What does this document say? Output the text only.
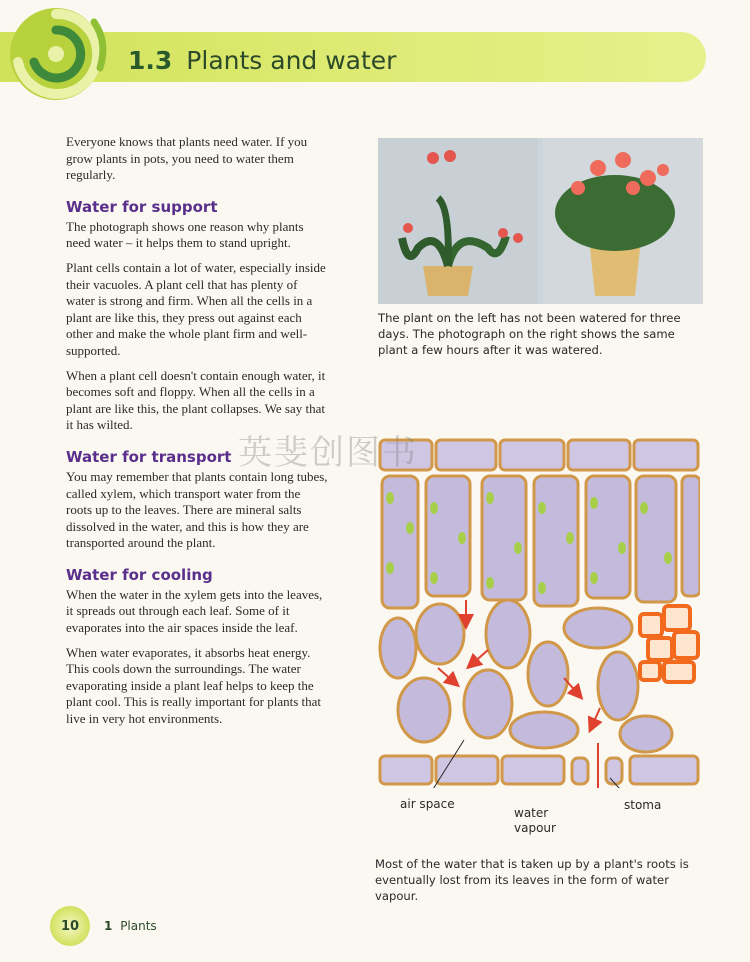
1.3 Plants and water

Everyone knows that plants need water. If you grow plants in pots, you need to water them regularly.

Water for support

The photograph shows one reason why plants need water – it helps them to stand upright.

Plant cells contain a lot of water, especially inside their vacuoles. A plant cell that has plenty of water is strong and firm. When all the cells in a plant are like this, they press out against each other and make the whole plant firm and well-supported.

When a plant cell doesn't contain enough water, it becomes soft and floppy. When all the cells in a plant are like this, the plant collapses. We say that it has wilted.

Water for transport

You may remember that plants contain long tubes, called xylem, which transport water from the roots up to the leaves. There are mineral salts dissolved in the water, and this is how they are transported around the plant.

Water for cooling

When the water in the xylem gets into the leaves, it spreads out through each leaf. Some of it evaporates into the air spaces inside the leaf.

When water evaporates, it absorbs heat energy. This cools down the surroundings. The water evaporating inside a plant leaf helps to keep the plant cool. This is really important for plants that live in very hot environments.

The plant on the left has not been watered for three days. The photograph on the right shows the same plant a few hours after it was watered.
air space
water vapour
stoma
Most of the water that is taken up by a plant's roots is eventually lost from its leaves in the form of water vapour.
英斐创图书
10 1 Plants
